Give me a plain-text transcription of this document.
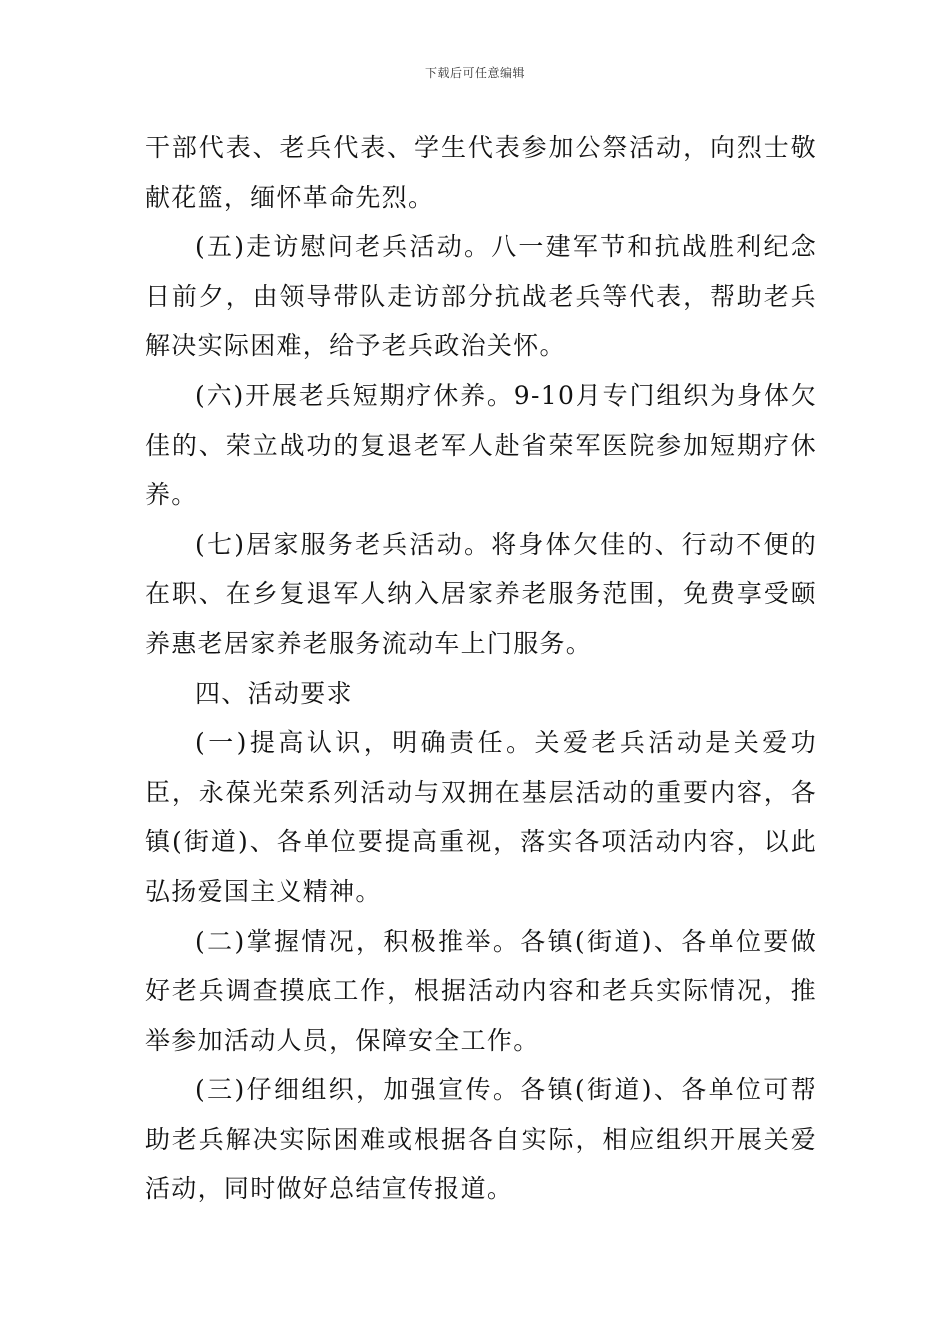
下载后可任意编辑

干部代表、老兵代表、学生代表参加公祭活动，向烈士敬献花篮，缅怀革命先烈。

(五)走访慰问老兵活动。八一建军节和抗战胜利纪念日前夕，由领导带队走访部分抗战老兵等代表，帮助老兵解决实际困难，给予老兵政治关怀。

(六)开展老兵短期疗休养。9-10月专门组织为身体欠佳的、荣立战功的复退老军人赴省荣军医院参加短期疗休养。

(七)居家服务老兵活动。将身体欠佳的、行动不便的在职、在乡复退军人纳入居家养老服务范围，免费享受颐养惠老居家养老服务流动车上门服务。

四、活动要求

(一)提高认识，明确责任。关爱老兵活动是关爱功臣，永葆光荣系列活动与双拥在基层活动的重要内容，各镇(街道)、各单位要提高重视，落实各项活动内容，以此弘扬爱国主义精神。

(二)掌握情况，积极推举。各镇(街道)、各单位要做好老兵调查摸底工作，根据活动内容和老兵实际情况，推举参加活动人员，保障安全工作。

(三)仔细组织，加强宣传。各镇(街道)、各单位可帮助老兵解决实际困难或根据各自实际，相应组织开展关爱活动，同时做好总结宣传报道。
